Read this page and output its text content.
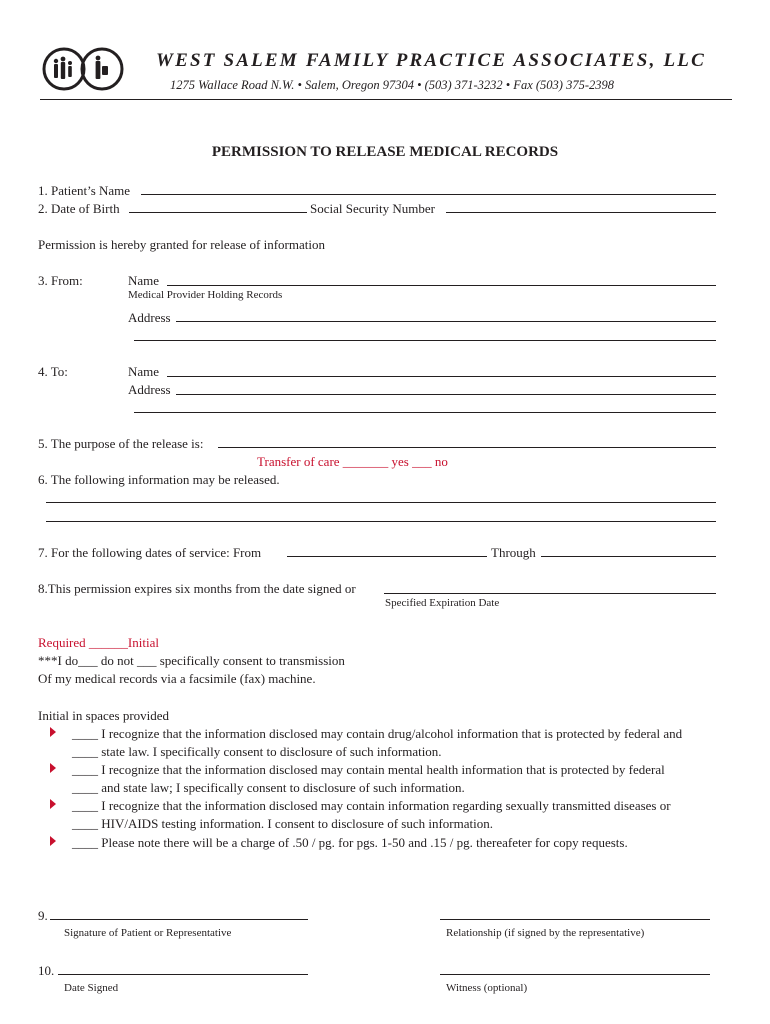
WEST SALEM FAMILY PRACTICE ASSOCIATES, LLC
1275 Wallace Road N.W. • Salem, Oregon 97304 • (503) 371-3232 • Fax (503) 375-2398
PERMISSION TO RELEASE MEDICAL RECORDS
1. Patient’s Name
2. Date of Birth	Social Security Number
Permission is hereby granted for release of information
3. From:	Name
Medical Provider Holding Records
Address
4. To:	Name
Address
5. The purpose of the release is:
Transfer of care _______ yes ___ no
6. The following information may be released.
7. For the following dates of service: From	Through
8.This permission expires six months from the date signed or
Specified Expiration Date
Required ______Initial
***I do___ do not ___ specifically consent to transmission
Of my medical records via a facsimile (fax) machine.
Initial in spaces provided
____ I recognize that the information disclosed may contain drug/alcohol information that is protected by federal and
____ state law. I specifically consent to disclosure of such information.
____ I recognize that the information disclosed may contain mental health information that is protected by federal
____ and state law; I specifically consent to disclosure of such information.
____ I recognize that the information disclosed may contain information regarding sexually transmitted diseases or
____ HIV/AIDS testing information. I consent to disclosure of such information.
____ Please note there will be a charge of .50 / pg. for pgs. 1-50 and .15 / pg. thereafeter for copy requests.
9.
Signature of Patient or Representative	Relationship (if signed by the representative)
10.
Date Signed	Witness (optional)
